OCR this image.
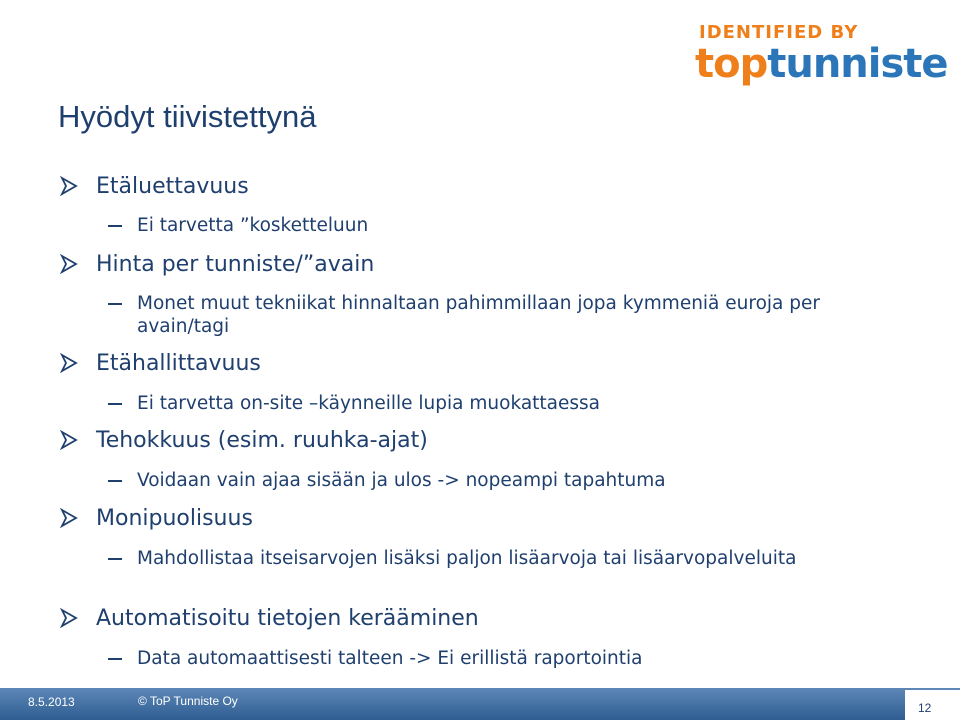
IDENTIFIED BY
toptunniste
Hyödyt tiivistettynä
Etäluettavuus
Ei tarvetta ”kosketteluun
Hinta per tunniste/”avain
Monet muut tekniikat hinnaltaan pahimmillaan jopa kymmeniä euroja per avain/tagi
Etähallittavuus
Ei tarvetta on-site –käynneille lupia muokattaessa
Tehokkuus (esim. ruuhka-ajat)
Voidaan vain ajaa sisään ja ulos -> nopeampi tapahtuma
Monipuolisuus
Mahdollistaa itseisarvojen lisäksi paljon lisäarvoja tai lisäarvopalveluita
Automatisoitu tietojen kerääminen
Data automaattisesti talteen -> Ei erillistä raportointia
8.5.2013	© ToP Tunniste Oy	12
